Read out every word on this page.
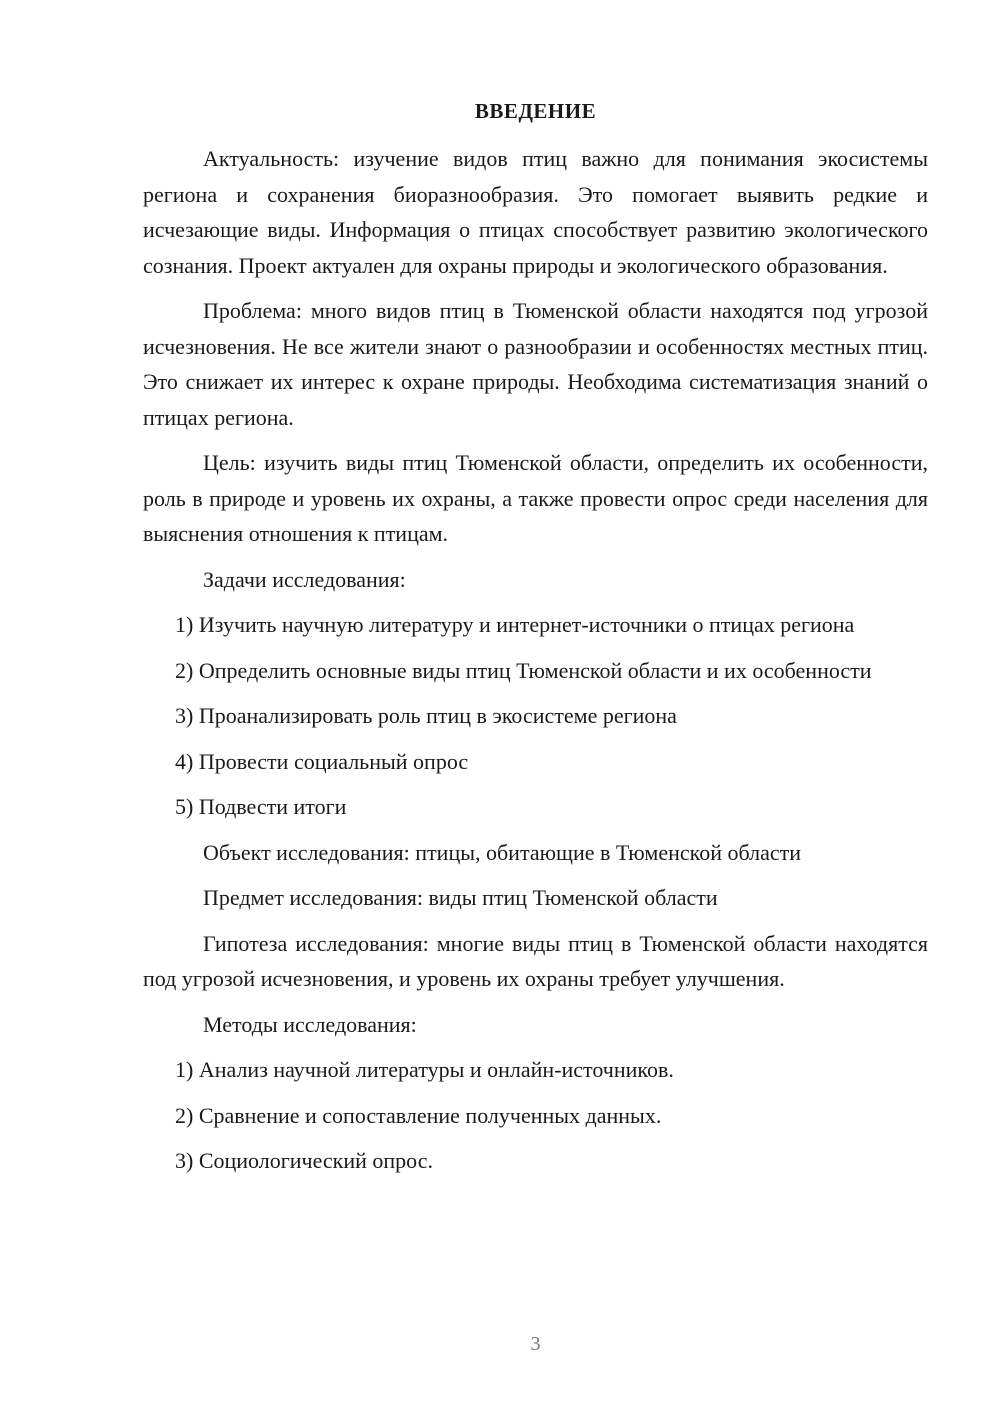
ВВЕДЕНИЕ

Актуальность: изучение видов птиц важно для понимания экосистемы региона и сохранения биоразнообразия. Это помогает выявить редкие и исчезающие виды. Информация о птицах способствует развитию экологического сознания. Проект актуален для охраны природы и экологического образования.

Проблема: много видов птиц в Тюменской области находятся под угрозой исчезновения. Не все жители знают о разнообразии и особенностях местных птиц. Это снижает их интерес к охране природы. Необходима систематизация знаний о птицах региона.

Цель: изучить виды птиц Тюменской области, определить их особенности, роль в природе и уровень их охраны, а также провести опрос среди населения для выяснения отношения к птицам.

Задачи исследования:

1) Изучить научную литературу и интернет-источники о птицах региона

2) Определить основные виды птиц Тюменской области и их особенности

3) Проанализировать роль птиц в экосистеме региона

4) Провести социальный опрос

5) Подвести итоги

Объект исследования: птицы, обитающие в Тюменской области

Предмет исследования: виды птиц Тюменской области

Гипотеза исследования: многие виды птиц в Тюменской области находятся под угрозой исчезновения, и уровень их охраны требует улучшения.

Методы исследования:

1) Анализ научной литературы и онлайн-источников.

2) Сравнение и сопоставление полученных данных.

3) Социологический опрос.

3
